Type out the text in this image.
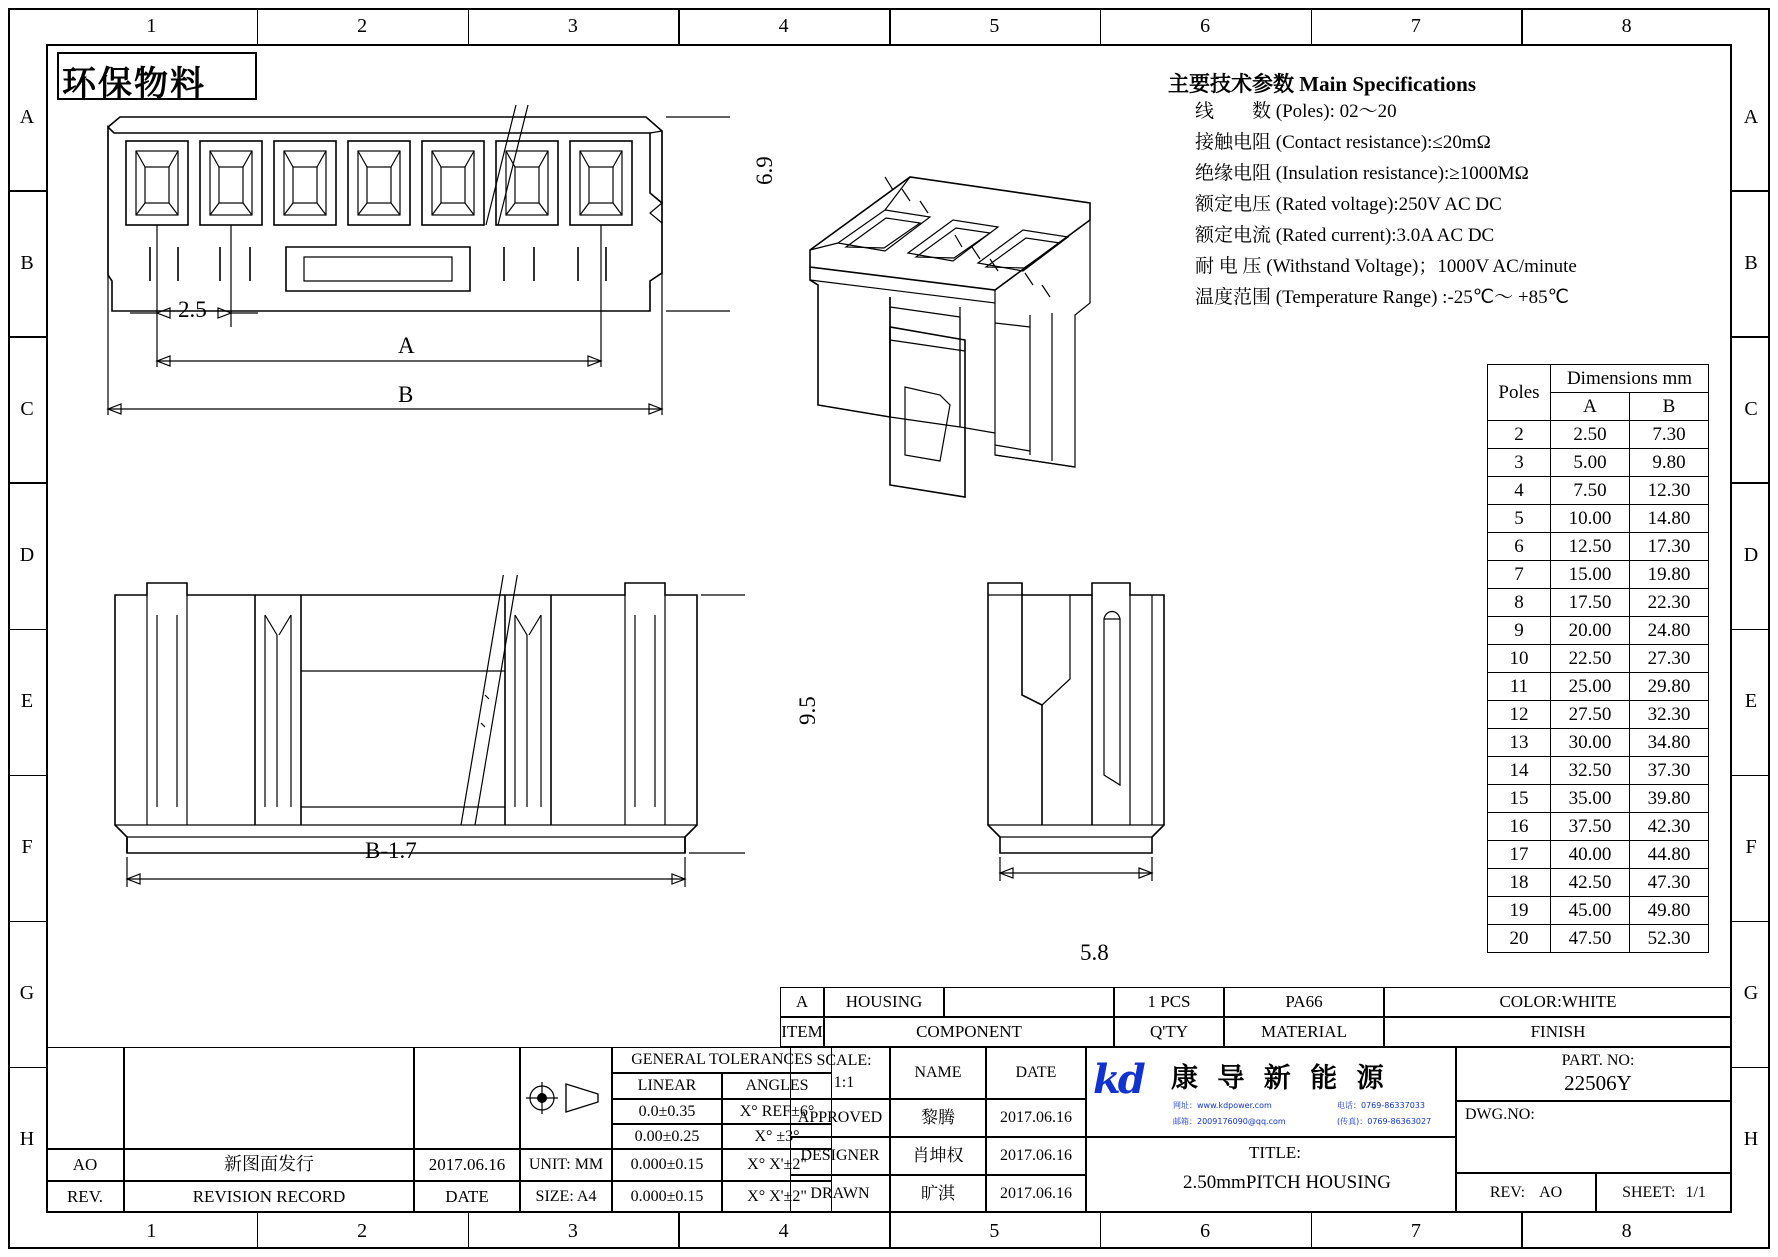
1
1
2
2
3
3
4
4
5
5
6
6
7
7
8
8
A	A
B	B
C	C
D	D
E	E
F	F
G	G
H	H
环保物料	主要技术参数 Main Specifications
线　　数 (Poles): 02～20
接触电阻 (Contact resistance):≤20mΩ
绝缘电阻 (Insulation resistance):≥1000MΩ
额定电压 (Rated voltage):250V AC DC
额定电流 (Rated current):3.0A AC DC
耐 电 压 (Withstand Voltage)；1000V AC/minute
温度范围 (Temperature Range) :-25℃～ +85℃
6.9
2.5
A
B
9.5
B-1.7
5.8
Poles	Dimensions mm	
	A	B
2	2.50	7.30
3	5.00	9.80
4	7.50	12.30
5	10.00	14.80
6	12.50	17.30
7	15.00	19.80
8	17.50	22.30
9	20.00	24.80
10	22.50	27.30
11	25.00	29.80
12	27.50	32.30
13	30.00	34.80
14	32.50	37.30
15	35.00	39.80
16	37.50	42.30
17	40.00	44.80
18	42.50	47.30
19	45.00	49.80
20	47.50	52.30
A	HOUSING	1 PCS	PA66	COLOR:WHITE
ITEM	COMPONENT	Q'TY	MATERIAL	FINISH
AO	新图面发行	2017.06.16
REV.	REVISION RECORD	DATE
GENERAL TOLERANCES
LINEAR	ANGLES
0.0±0.35	X° REF±6°
UNIT: MM
0.00±0.25	X° ±3°
SIZE: A4
0.000±0.15	X° X'±2"
0.000±0.15	X° X'±2"
SCALE:
1:1
NAME	DATE
APPROVED	黎腾	2017.06.16
DESIGNER	肖坤权	2017.06.16
DRAWN	旷淇	2017.06.16
kd 康 导 新 能 源
网址：www.kdpower.com	电话：0769-86337033
邮箱：2009176090@qq.com	(传真)：0769-86363027
TITLE:
2.50mmPITCH HOUSING
PART. NO:
22506Y
DWG.NO:
REV: AO	SHEET: 1/1
